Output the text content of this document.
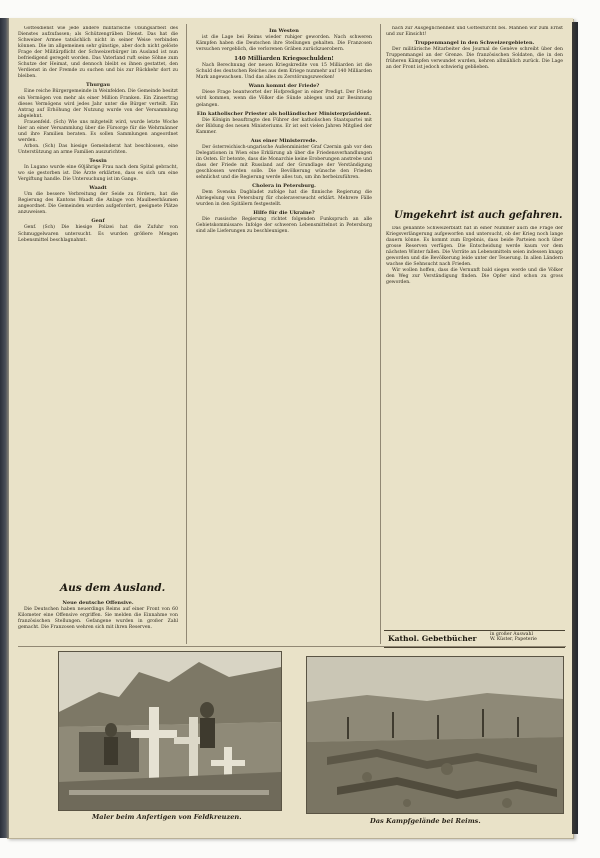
Gottesdienst wie jede andere militärische Übungsarbeit des Dienstes aufzufassen; als Schützengräben Dienst. Das hat die Schweizer Armee tatsächlich nicht in seiner Weise verbinden können. Die im allgemeinen sehr günstige, aber doch nicht gelöste Frage der Militärpflicht der Schweizerbürger im Ausland ist nun befriedigend geregelt worden. Das Vaterland ruft seine Söhne zum Schutze der Heimat, und dennoch bleibt es ihnen gestattet, den Verdienst in der Fremde zu suchen und bis zur Rückkehr dort zu bleiben.

Thurgau

Eine reiche Bürgergemeinde in Weinfelden. Die Gemeinde besitzt ein Vermögen von mehr als einer Million Franken. Ein Zinsertrag dieses Vermögens wird jedes Jahr unter die Bürger verteilt. Ein Antrag auf Erhöhung der Nutzung wurde von der Versammlung abgelehnt.

Frauenfeld. (Sch) Wie uns mitgeteilt wird, wurde letzte Woche hier an einer Versammlung über die Fürsorge für die Wehrmänner und ihre Familien beraten. Es sollen Sammlungen angeordnet werden.

Arbon. (Sch) Das hiesige Gemeinderat hat beschlossen, eine Unterstützung an arme Familien auszurichten.

Tessin

In Lugano wurde eine 60jährige Frau nach dem Spital gebracht, wo sie gestorben ist. Die Ärzte erklärten, dass es sich um eine Vergiftung handle. Die Untersuchung ist im Gange.

Waadt

Um die bessere Verbreitung der Seide zu fördern, hat die Regierung des Kantons Waadt die Anlage von Maulbeerbäumen angeordnet. Die Gemeinden wurden aufgefordert, geeignete Plätze anzuweisen.

Genf

Genf. (Sch) Die hiesige Polizei hat die Zufuhr von Schmuggelwaren untersucht. Es wurden größere Mengen Lebensmittel beschlagnahmt.

Aus dem Ausland.
Neue deutsche Offensive.

Die Deutschen haben neuerdings Reims auf einer Front von 60 Kilometer eine Offensive ergriffen. Sie melden die Einnahme von französischen Stellungen. Gefangene wurden in großer Zahl gemacht. Die Franzosen wehren sich mit ihren Reserven.

Im Westen

ist die Lage bei Reims wieder ruhiger geworden. Nach schweren Kämpfen haben die Deutschen ihre Stellungen gehalten. Die Franzosen versuchen vergeblich, die verlorenen Gräben zurückzuerobern.

140 Milliarden Kriegsschulden!

Nach Berechnung der neuen Kriegskredite von 15 Milliarden ist die Schuld des deutschen Reiches aus dem Kriege nunmehr auf 140 Milliarden Mark angewachsen. Und das alles zu Zerstörungszwecken!

Wann kommt der Friede?

Diese Frage beantwortet der Hofprediger in einer Predigt. Der Friede wird kommen, wenn die Völker die Sünde ablegen und zur Besinnung gelangen.

Ein katholischer Priester als holländischer Ministerpräsident.

Die Königin beauftragte den Führer der katholischen Staatspartei mit der Bildung des neuen Ministeriums. Er ist seit vielen Jahren Mitglied der Kammer.

Aus einer Ministerrede.

Der österreichisch-ungarische Außenminister Graf Czernin gab vor den Delegationen in Wien eine Erklärung ab über die Friedensverhandlungen im Osten. Er betonte, dass die Monarchie keine Eroberungen anstrebe und dass der Friede mit Russland auf der Grundlage der Verständigung geschlossen werden solle. Die Bevölkerung wünsche den Frieden sehnlichst und die Regierung werde alles tun, um ihn herbeizuführen.

Cholera in Petersburg.

Dem Svenska Dagbladet zufolge hat die finnische Regierung die Abriegelung von Petersburg für choleraverseucht erklärt. Mehrere Fälle wurden in den Spitälern festgestellt.

Hilfe für die Ukraine?

Die russische Regierung richtet folgenden Funkspruch an alle Gebietskommissare: Infolge der schweren Lebensmittelnot in Petersburg sind alle Lieferungen zu beschleunigen.

nach zur Ausgeglichenheit und Gottesfurcht bei. Mahnen wir zum Ernst und zur Einsicht!

Truppenmangel in den Schweizergebieten.

Der militärische Mitarbeiter des Journal de Genève schreibt über den Truppenmangel an der Grenze. Die französischen Soldaten, die in den früheren Kämpfen verwundet wurden, kehren allmählich zurück. Die Lage an der Front ist jedoch schwierig geblieben.

Umgekehrt ist auch gefahren.

Das genannte Schweizerblatt hat in einer Nummer auch die Frage der Kriegsverlängerung aufgeworfen und untersucht, ob der Krieg noch lange dauern könne. Es kommt zum Ergebnis, dass beide Parteien noch über grosse Reserven verfügen. Die Entscheidung werde kaum vor dem nächsten Winter fallen. Die Vorräte an Lebensmitteln seien indessen knapp geworden und die Bevölkerung leide unter der Teuerung. In allen Ländern wachse die Sehnsucht nach Frieden.

Wir wollen hoffen, dass die Vernunft bald siegen werde und die Völker den Weg zur Verständigung finden. Die Opfer sind schon zu gross geworden.

Kathol. Gebetbücher	in großer Auswahl
W. Küster, Papeterie
Maler beim Anfertigen von Feldkreuzen.	Das Kampfgelände bei Reims.
